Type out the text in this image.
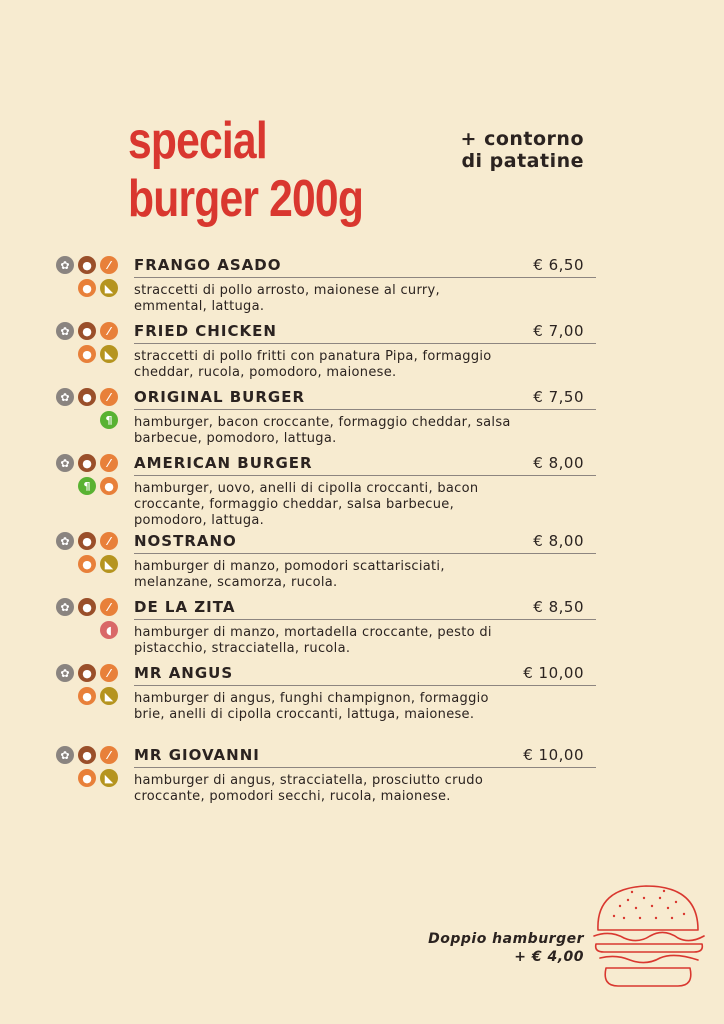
special
burger 200g
+ contorno
di patatine
✿	●	⁄
●	◣
FRANGO ASADO	€ 6,50
straccetti di pollo arrosto, maionese al curry, emmental, lattuga.
✿	●	⁄
●	◣
FRIED CHICKEN	€ 7,00
straccetti di pollo fritti con panatura Pipa, formaggio cheddar, rucola, pomodoro, maionese.
✿	●	⁄
¶
ORIGINAL BURGER	€ 7,50
hamburger, bacon croccante, formaggio cheddar, salsa barbecue, pomodoro, lattuga.
✿	●	⁄
¶	●
AMERICAN BURGER	€ 8,00
hamburger, uovo, anelli di cipolla croccanti, bacon croccante, formaggio cheddar, salsa barbecue, pomodoro, lattuga.
✿	●	⁄
●	◣
NOSTRANO	€ 8,00
hamburger di manzo, pomodori scattarisciati, melanzane, scamorza, rucola.
✿	●	⁄
◖
DE LA ZITA	€ 8,50
hamburger di manzo, mortadella croccante, pesto di pistacchio, stracciatella, rucola.
✿	●	⁄
●	◣
MR ANGUS	€ 10,00
hamburger di angus, funghi champignon, formaggio brie, anelli di cipolla croccanti, lattuga, maionese.
✿	●	⁄
●	◣
MR GIOVANNI	€ 10,00
hamburger di angus, stracciatella, prosciutto crudo croccante, pomodori secchi, rucola, maionese.
Doppio hamburger
+ € 4,00
